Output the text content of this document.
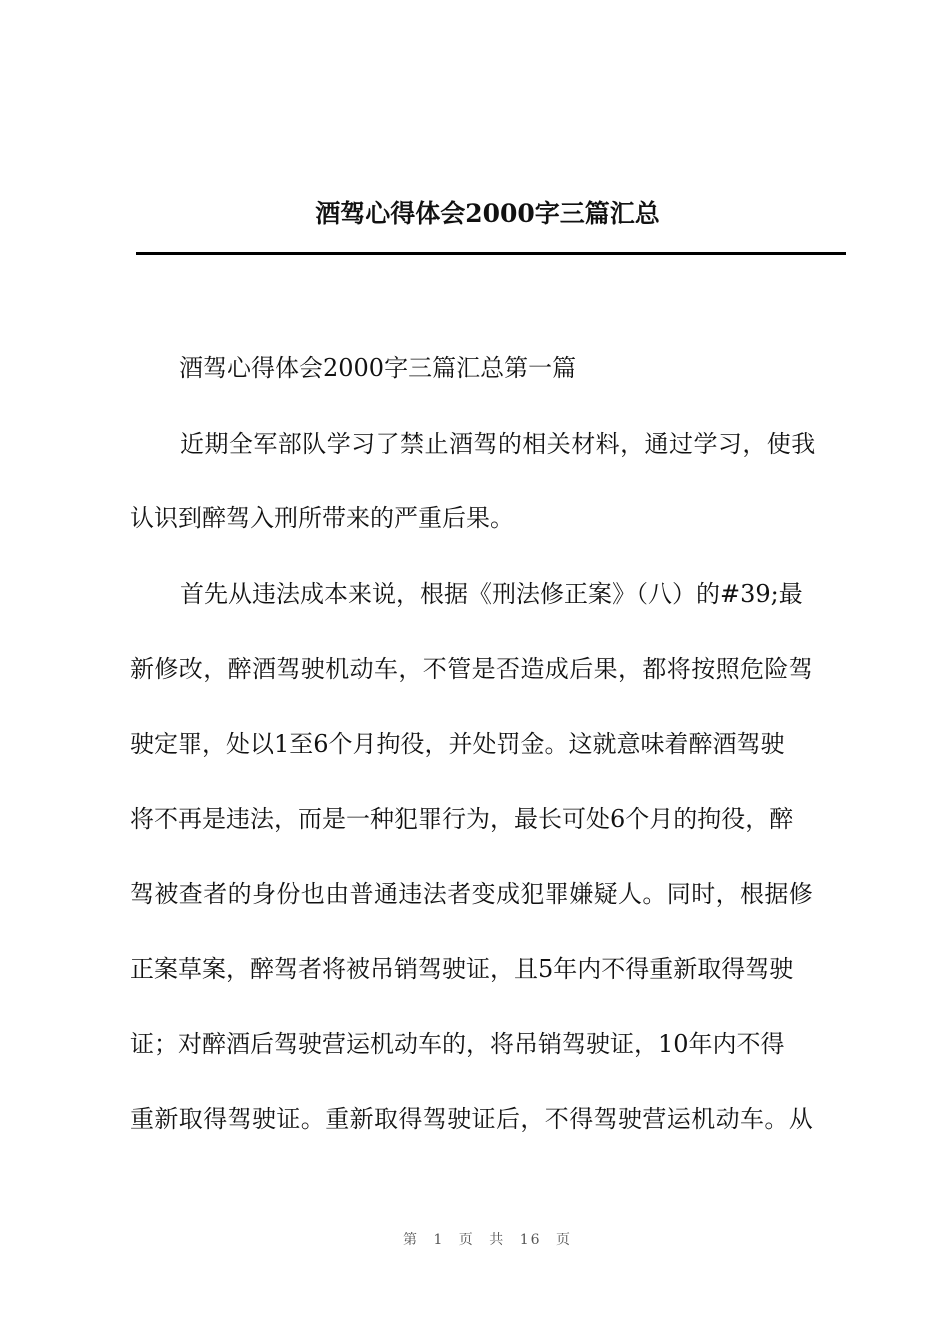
酒驾心得体会2000字三篇汇总
酒驾心得体会2000字三篇汇总第一篇
近期全军部队学习了禁止酒驾的相关材料，通过学习，使我
认识到醉驾入刑所带来的严重后果。
首先从违法成本来说，根据《刑法修正案》（八）的#39;最
新修改，醉酒驾驶机动车，不管是否造成后果，都将按照危险驾
驶定罪，处以1至6个月拘役，并处罚金。这就意味着醉酒驾驶
将不再是违法，而是一种犯罪行为，最长可处6个月的拘役，醉
驾被查者的身份也由普通违法者变成犯罪嫌疑人。同时，根据修
正案草案，醉驾者将被吊销驾驶证，且5年内不得重新取得驾驶
证；对醉酒后驾驶营运机动车的，将吊销驾驶证，10年内不得
重新取得驾驶证。重新取得驾驶证后，不得驾驶营运机动车。从
第 1 页 共 16 页
